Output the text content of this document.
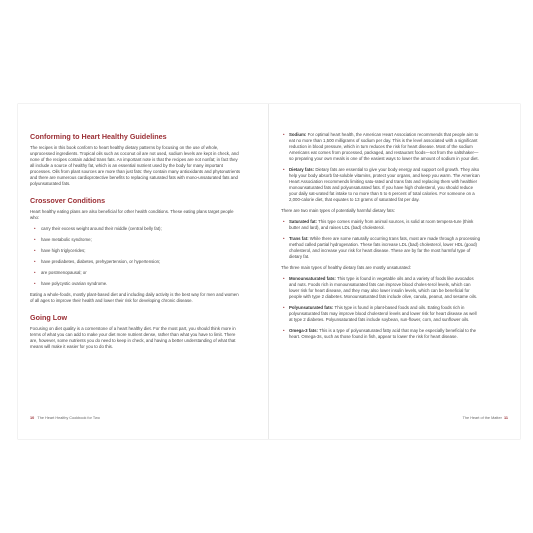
Conforming to Heart Healthy Guidelines

The recipes in this book conform to heart healthy dietary patterns by focusing on the use of whole, unprocessed ingredients. Tropical oils such as coconut oil are not used, sodium levels are kept in check, and none of the recipes contain added trans fats. An important note is that the recipes are not nonfat; in fact they all include a source of healthy fat, which is an essential nutrient used by the body for many important processes. Oils from plant sources are more than just fats: they contain many antioxidants and phytonutrients and there are numerous cardioprotective benefits to replacing saturated fats with mono-unsaturated fats and polyunsaturated fats.

Crossover Conditions

Heart healthy eating plans are also beneficial for other health conditions. These eating plans target people who:

• carry their excess weight around their middle (central belly fat);
• have metabolic syndrome;
• have high triglycerides;
• have prediabetes, diabetes, prehypertension, or hypertension;
• are postmenopausal; or
• have polycystic ovarian syndrome.

Eating a whole-foods, mostly plant-based diet and including daily activity is the best way for men and women of all ages to improve their health and lower their risk for developing chronic disease.

Going Low

Focusing on diet quality is a cornerstone of a heart healthy diet. For the most part, you should think more in terms of what you can add to make your diet more nutrient dense, rather than what you have to limit. There are, however, some nutrients you do need to keep in check, and having a better understanding of what that means will make it easier for you to do this.

10 The Heart Healthy Cookbook for Two
• Sodium: For optimal heart health, the American Heart Association recommends that people aim to eat no more than 1,500 milligrams of sodium per day. This is the level associated with a significant reduction in blood pressure, which in turn reduces the risk for heart disease. Most of the sodium Americans eat comes from processed, packaged, and restaurant foods—not from the saltshaker—so preparing your own meals is one of the easiest ways to lower the amount of sodium in your diet.
• Dietary fats: Dietary fats are essential to give your body energy and support cell growth. They also help your body absorb fat-soluble vitamins, protect your organs, and keep you warm. The American Heart Association recommends limiting satu-rated and trans fats and replacing them with healthier monounsaturated fats and polyunsaturated fats. If you have high cholesterol, you should reduce your daily sat-urated fat intake to no more than 5 to 6 percent of total calories. For someone on a 2,000-calorie diet, that equates to 13 grams of saturated fat per day.

There are two main types of potentially harmful dietary fats:

• Saturated fat: This type comes mainly from animal sources, is solid at room tempera-ture (think butter and lard), and raises LDL (bad) cholesterol.
• Trans fat: While there are some naturally occurring trans fats, most are made through a processing method called partial hydrogenation. These fats increase LDL (bad) cholesterol, lower HDL (good) cholesterol, and increase your risk for heart disease. These are by far the most harmful type of dietary fat.

The three main types of healthy dietary fats are mostly unsaturated:

• Monounsaturated fats: This type is found in vegetable oils and a variety of foods like avocados and nuts. Foods rich in monounsaturated fats can improve blood choles-terol levels, which can lower risk for heart disease, and they may also lower insulin levels, which can be beneficial for people with type 2 diabetes. Monounsaturated fats include olive, canola, peanut, and sesame oils.
• Polyunsaturated fats: This type is found in plant-based foods and oils. Eating foods rich in polyunsaturated fats may improve blood cholesterol levels and lower risk for heart disease as well at type 2 diabetes. Polyunsaturated fats include soybean, sun-flower, corn, and sunflower oils.
• Omega-3 fats: This is a type of polyunsaturated fatty acid that may be especially beneficial to the heart. Omega-3s, such as those found in fish, appear to lower the risk for heart disease.
The Heart of the Matter 11
